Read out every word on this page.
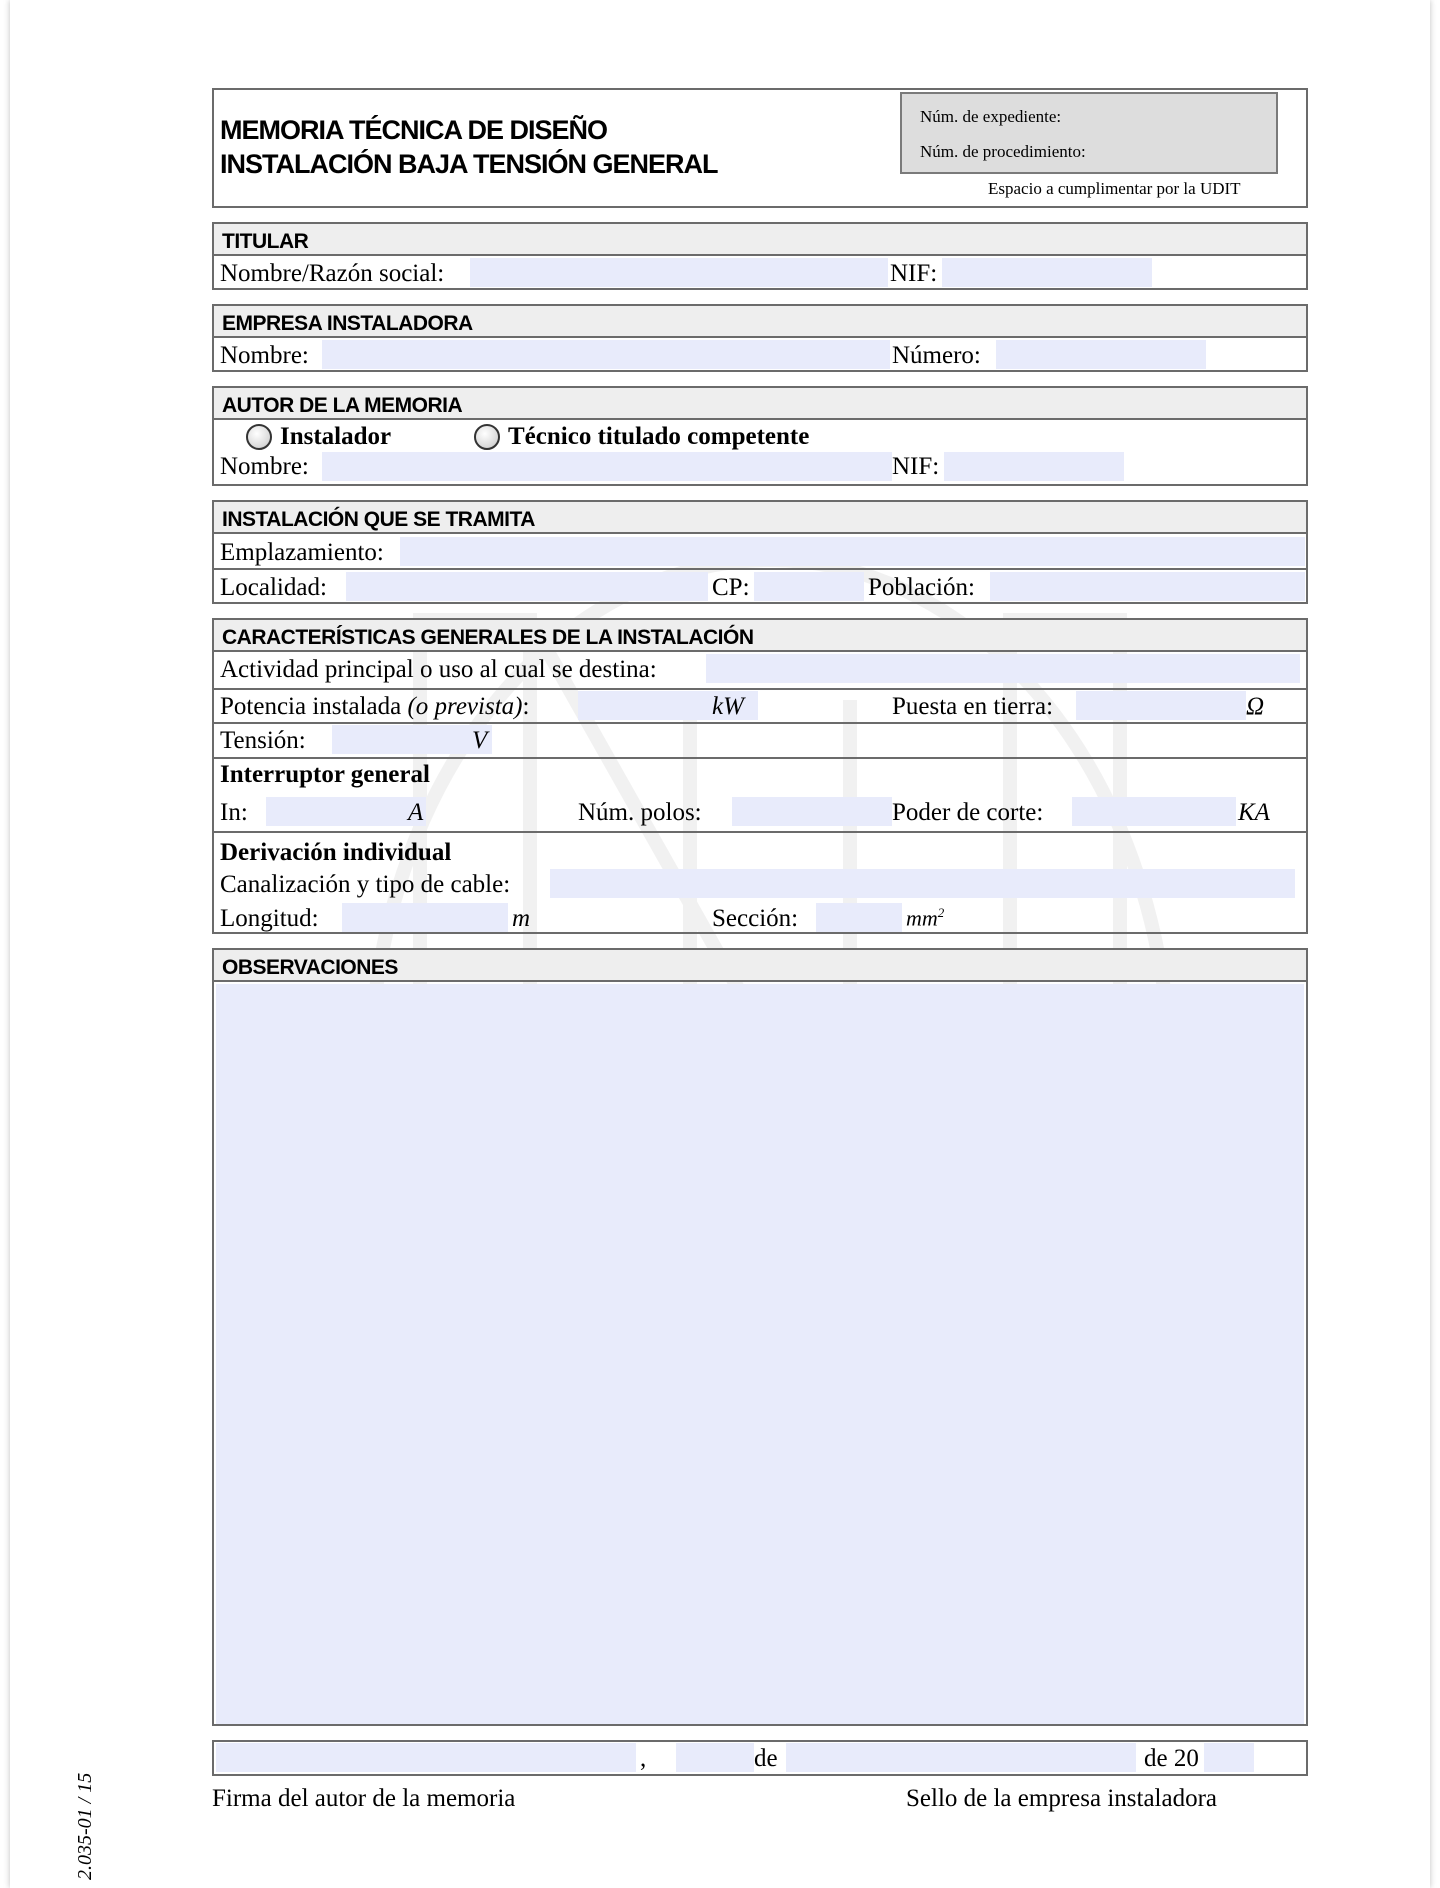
MEMORIA TÉCNICA DE DISEÑO
INSTALACIÓN BAJA TENSIÓN GENERAL
Núm. de expediente:
Núm. de procedimiento:
Espacio a cumplimentar por la UDIT
TITULAR
Nombre/Razón social:	NIF:
EMPRESA INSTALADORA
Nombre:	Número:
AUTOR DE LA MEMORIA
Instalador	Técnico titulado competente
Nombre:	NIF:
INSTALACIÓN QUE SE TRAMITA
Emplazamiento:
Localidad:	CP:	Población:
CARACTERÍSTICAS GENERALES DE LA INSTALACIÓN
Actividad principal o uso al cual se destina:
Potencia instalada (o prevista):	kW	Puesta en tierra:	Ω
Tensión:	V
Interruptor general
In:	A	Núm. polos:	Poder de corte:	KA
Derivación individual
Canalización y tipo de cable:
Longitud:	m	Sección:	$mm^2$
OBSERVACIONES
,	de	de 20
Firma del autor de la memoria	Sello de la empresa instaladora
2.035-01 / 15
